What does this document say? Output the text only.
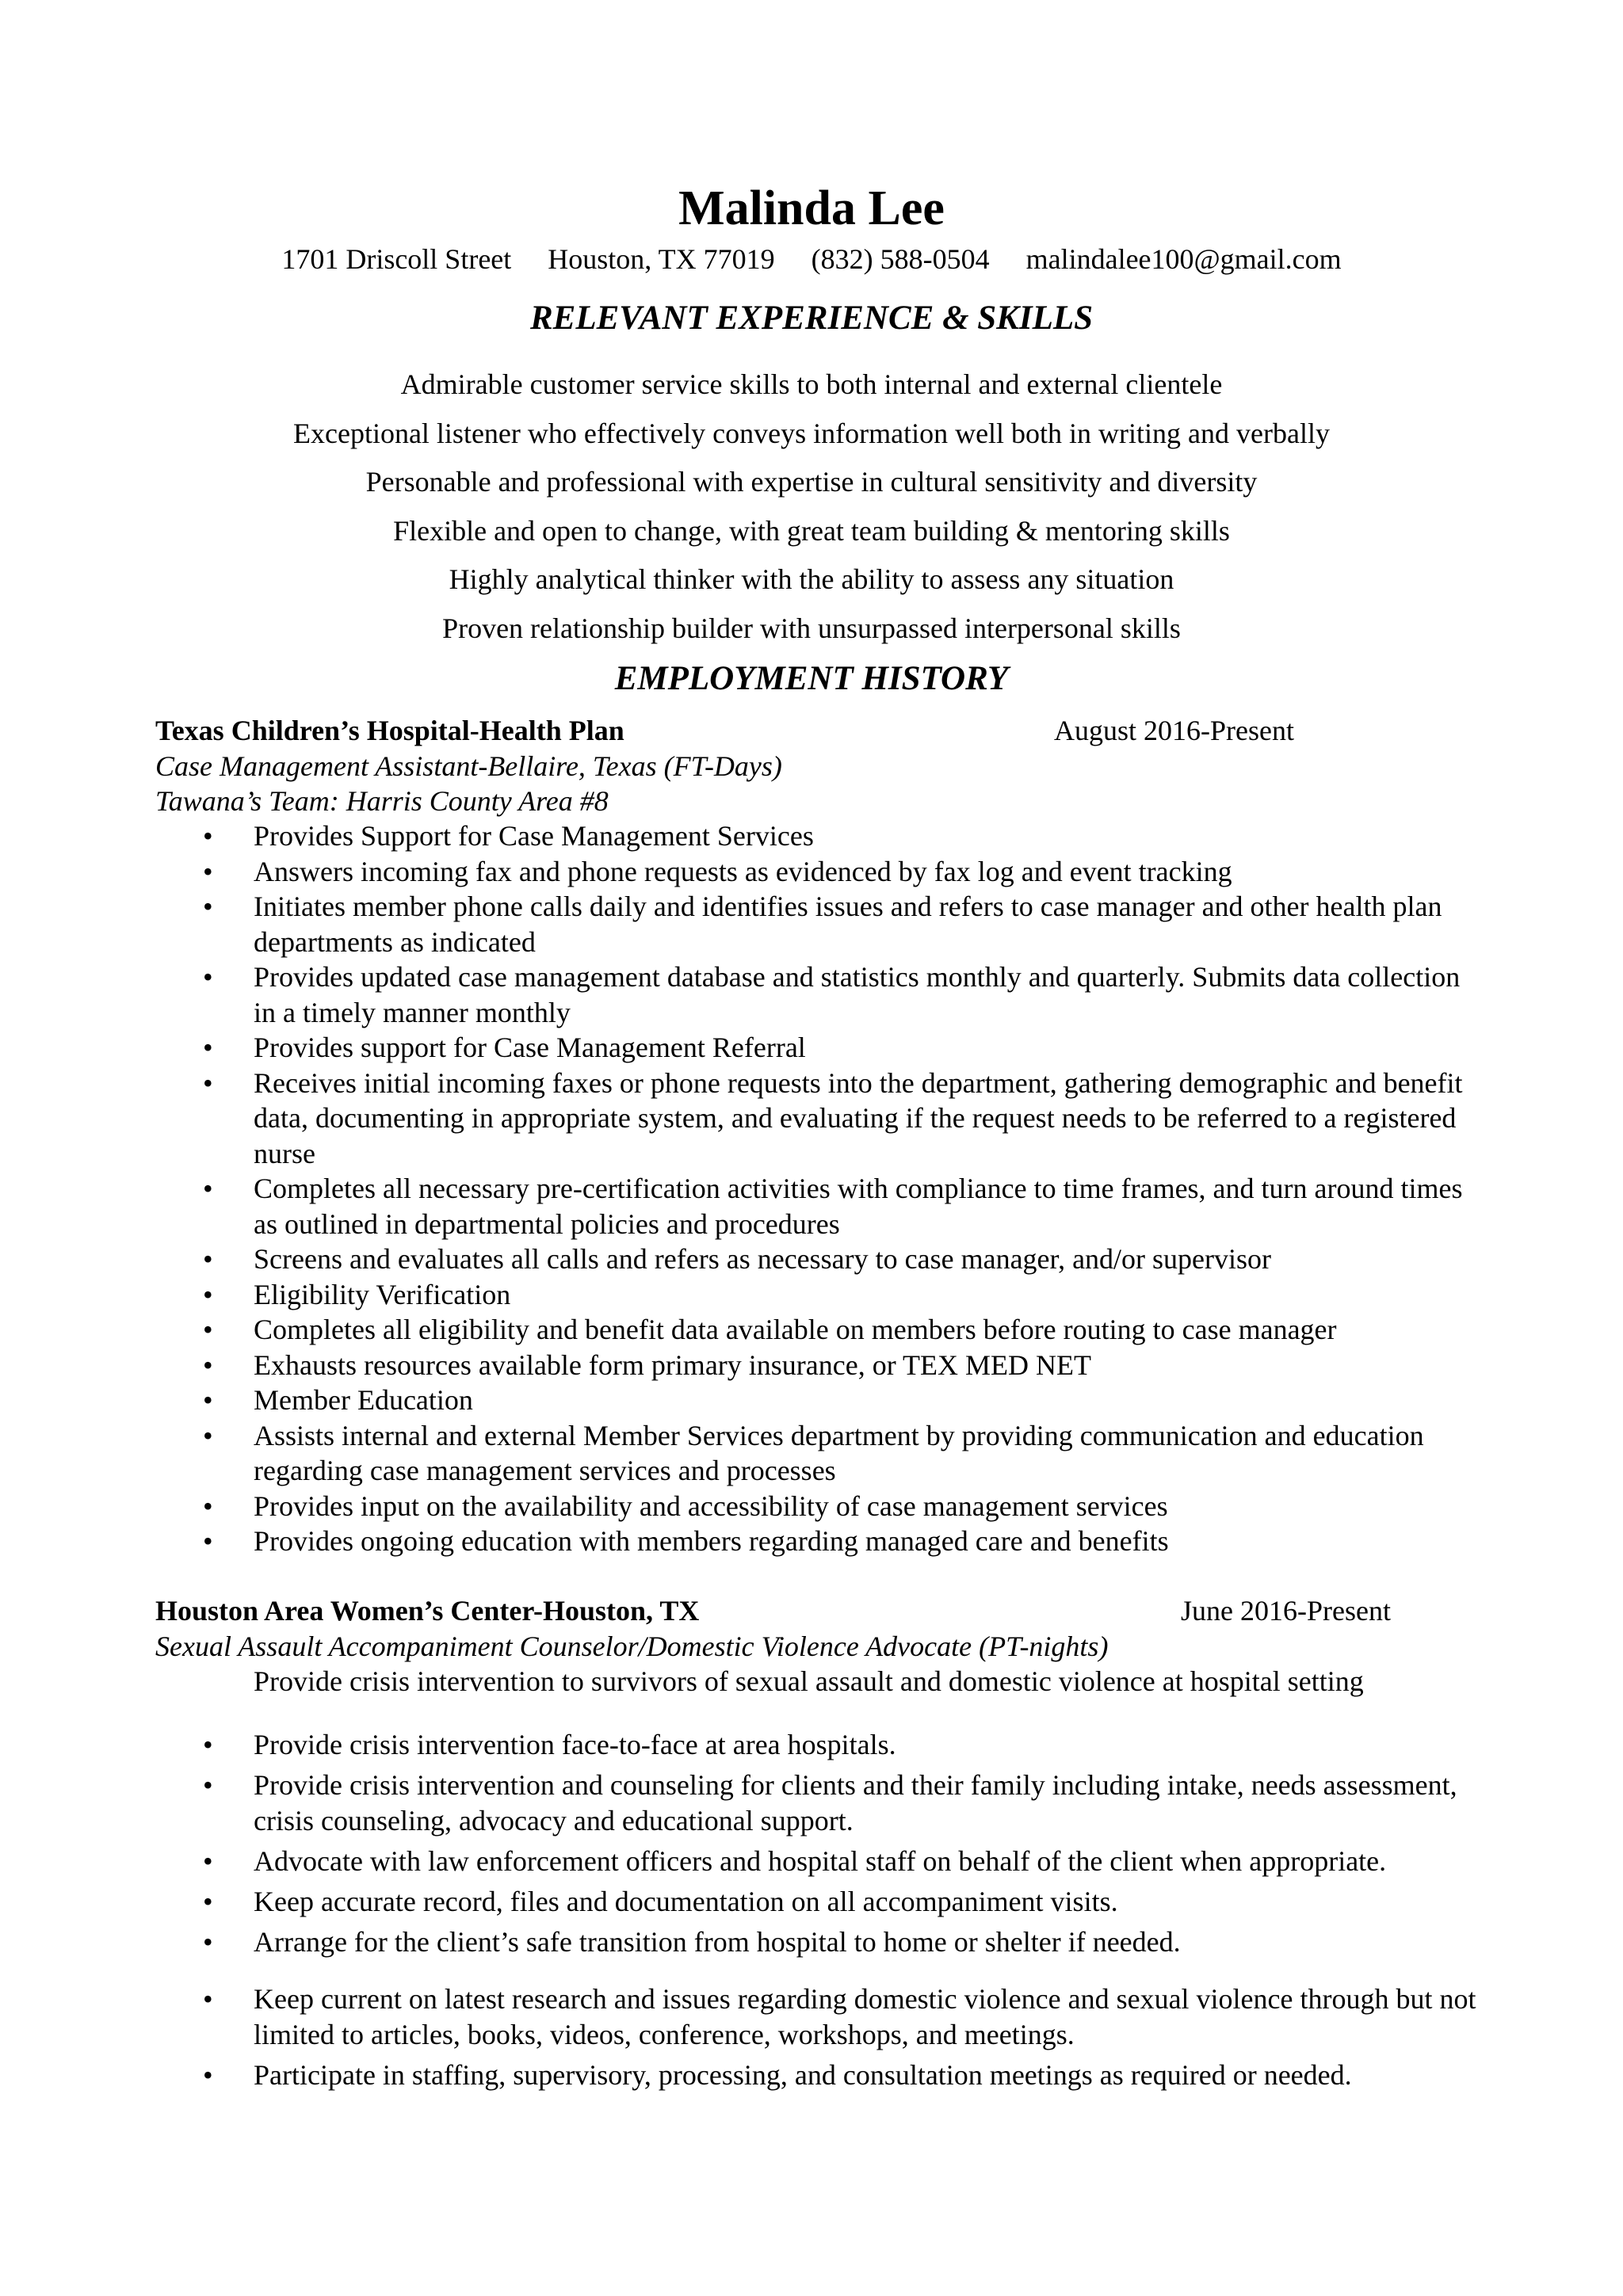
Malinda Lee
1701 Driscoll Street Houston, TX 77019 (832) 588-0504 malindalee100@gmail.com
RELEVANT EXPERIENCE & SKILLS
Admirable customer service skills to both internal and external clientele
Exceptional listener who effectively conveys information well both in writing and verbally
Personable and professional with expertise in cultural sensitivity and diversity
Flexible and open to change, with great team building & mentoring skills
Highly analytical thinker with the ability to assess any situation
Proven relationship builder with unsurpassed interpersonal skills
EMPLOYMENT HISTORY
Texas Children’s Hospital-Health Plan	August 2016-Present
Case Management Assistant-Bellaire, Texas (FT-Days)
Tawana’s Team: Harris County Area #8
• Provides Support for Case Management Services
• Answers incoming fax and phone requests as evidenced by fax log and event tracking
• Initiates member phone calls daily and identifies issues and refers to case manager and other health plan departments as indicated
• Provides updated case management database and statistics monthly and quarterly. Submits data collection in a timely manner monthly
• Provides support for Case Management Referral
• Receives initial incoming faxes or phone requests into the department, gathering demographic and benefit data, documenting in appropriate system, and evaluating if the request needs to be referred to a registered nurse
• Completes all necessary pre-certification activities with compliance to time frames, and turn around times as outlined in departmental policies and procedures
• Screens and evaluates all calls and refers as necessary to case manager, and/or supervisor
• Eligibility Verification
• Completes all eligibility and benefit data available on members before routing to case manager
• Exhausts resources available form primary insurance, or TEX MED NET
• Member Education
• Assists internal and external Member Services department by providing communication and education regarding case management services and processes
• Provides input on the availability and accessibility of case management services
• Provides ongoing education with members regarding managed care and benefits
Houston Area Women’s Center-Houston, TX	June 2016-Present
Sexual Assault Accompaniment Counselor/Domestic Violence Advocate (PT-nights)
Provide crisis intervention to survivors of sexual assault and domestic violence at hospital setting
• Provide crisis intervention face-to-face at area hospitals.
• Provide crisis intervention and counseling for clients and their family including intake, needs assessment, crisis counseling, advocacy and educational support.
• Advocate with law enforcement officers and hospital staff on behalf of the client when appropriate.
• Keep accurate record, files and documentation on all accompaniment visits.
• Arrange for the client’s safe transition from hospital to home or shelter if needed.
• Keep current on latest research and issues regarding domestic violence and sexual violence through but not limited to articles, books, videos, conference, workshops, and meetings.
• Participate in staffing, supervisory, processing, and consultation meetings as required or needed.
